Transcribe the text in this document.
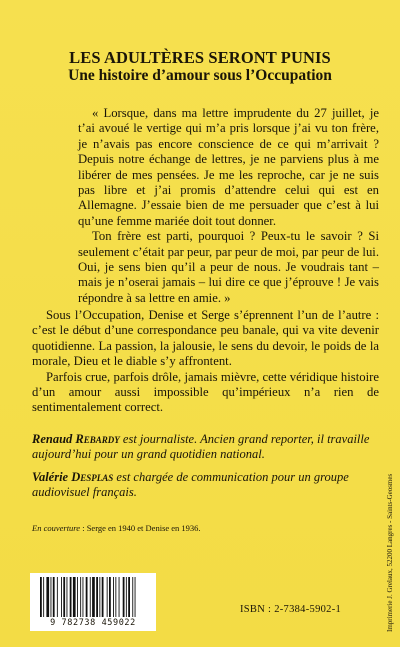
LES ADULTÈRES SERONT PUNIS
Une histoire d’amour sous l’Occupation

« Lorsque, dans ma lettre imprudente du 27 juillet, je t’ai avoué le vertige qui m’a pris lorsque j’ai vu ton frère, je n’avais pas encore conscience de ce qui m’arrivait ? Depuis notre échange de lettres, je ne parviens plus à me libérer de mes pensées. Je me les reproche, car je ne suis pas libre et j’ai promis d’attendre celui qui est en Allemagne. J’essaie bien de me persuader que c’est à lui qu’une femme mariée doit tout donner.

Ton frère est parti, pourquoi ? Peux-tu le savoir ? Si seulement c’était par peur, par peur de moi, par peur de lui. Oui, je sens bien qu’il a peur de nous. Je voudrais tant – mais je n’oserai jamais – lui dire ce que j’éprouve ! Je vais répondre à sa lettre en amie. »

Sous l’Occupation, Denise et Serge s’éprennent l’un de l’autre : c’est le début d’une correspondance peu banale, qui va vite devenir quotidienne. La passion, la jalousie, le sens du devoir, le poids de la morale, Dieu et le diable s’y affrontent.

Parfois crue, parfois drôle, jamais mièvre, cette véridique histoire d’un amour aussi impossible qu’impérieux n’a rien de sentimentalement correct.

Renaud Rebardy est journaliste. Ancien grand reporter, il travaille aujourd’hui pour un grand quotidien national.
Valérie Desplas est chargée de communication pour un groupe audiovisuel français.
En couverture : Serge en 1940 et Denise en 1936.
9 782738 459022
ISBN : 2-7384-5902-1	Imprimerie J. Grelaux, 52200 Langres - Saints-Geosmes
